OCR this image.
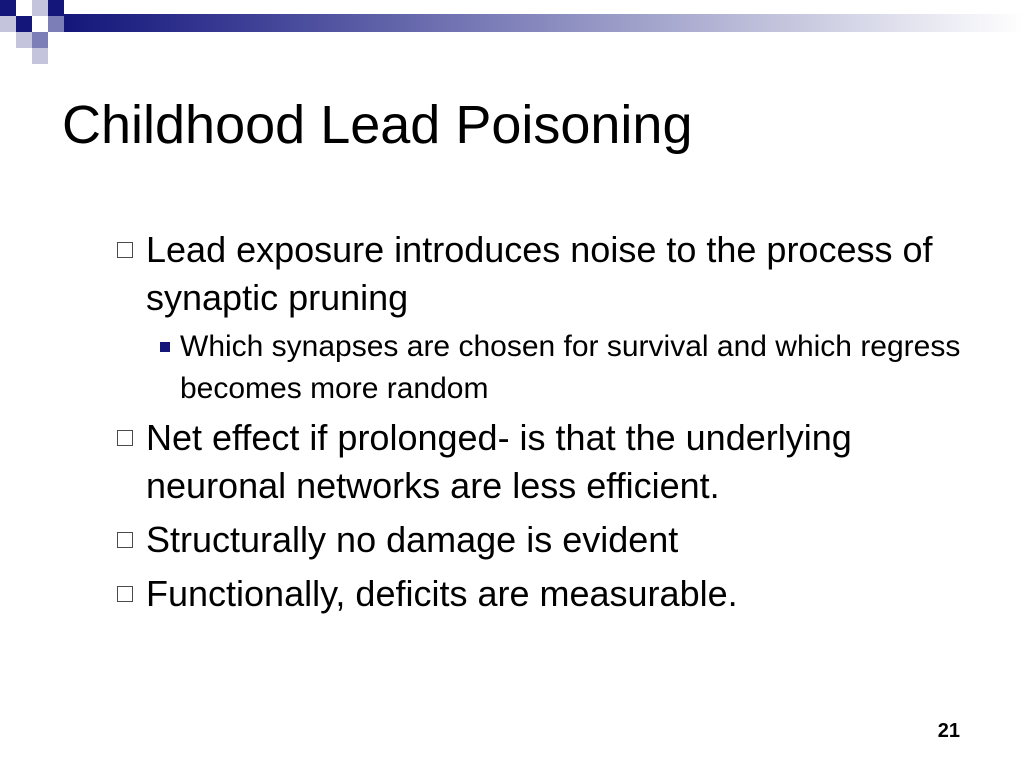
Childhood Lead Poisoning
Lead exposure introduces noise to the process of synaptic pruning
Which synapses are chosen for survival and which regress becomes more random
Net effect if prolonged- is that the underlying neuronal networks are less efficient.
Structurally no damage is evident
Functionally, deficits are measurable.
21
